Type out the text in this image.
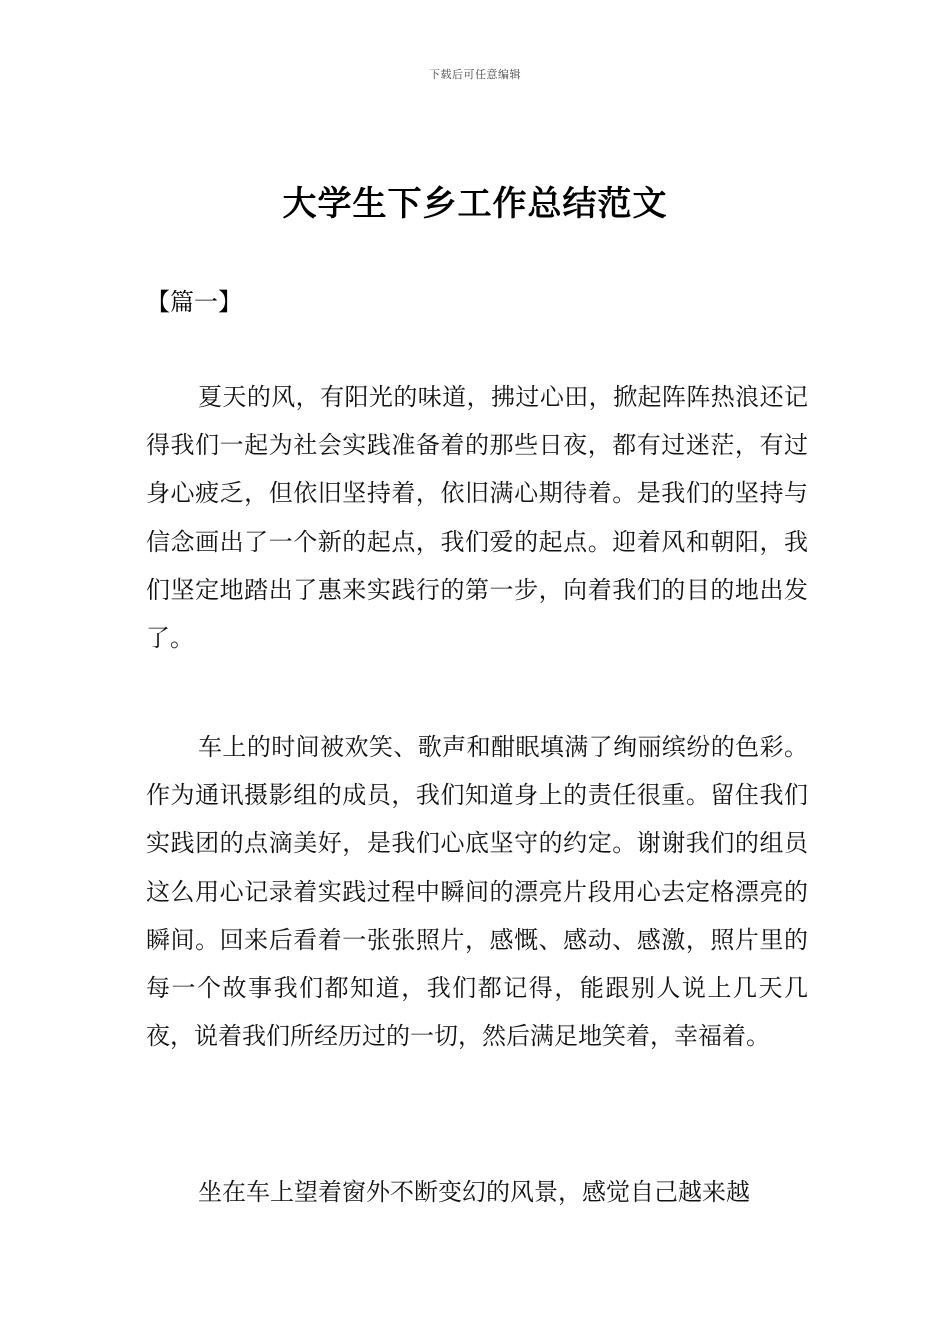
下载后可任意编辑
大学生下乡工作总结范文
【篇一】

夏天的风，有阳光的味道，拂过心田，掀起阵阵热浪还记得我们一起为社会实践准备着的那些日夜，都有过迷茫，有过身心疲乏，但依旧坚持着，依旧满心期待着。是我们的坚持与信念画出了一个新的起点，我们爱的起点。迎着风和朝阳，我们坚定地踏出了惠来实践行的第一步，向着我们的目的地出发了。

车上的时间被欢笑、歌声和酣眠填满了绚丽缤纷的色彩。作为通讯摄影组的成员，我们知道身上的责任很重。留住我们实践团的点滴美好，是我们心底坚守的约定。谢谢我们的组员这么用心记录着实践过程中瞬间的漂亮片段用心去定格漂亮的瞬间。回来后看着一张张照片，感慨、感动、感激，照片里的每一个故事我们都知道，我们都记得，能跟别人说上几天几夜，说着我们所经历过的一切，然后满足地笑着，幸福着。

坐在车上望着窗外不断变幻的风景，感觉自己越来越
